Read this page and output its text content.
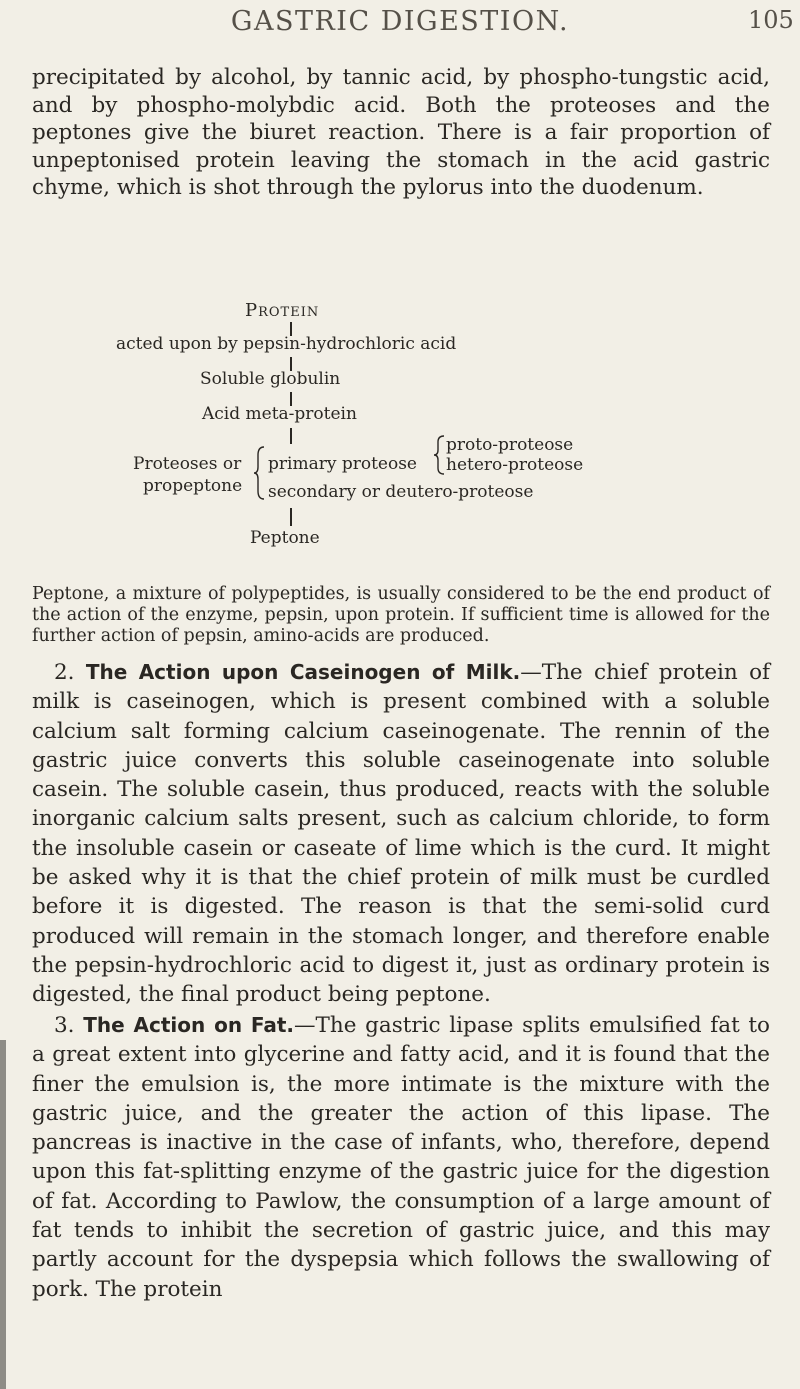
GASTRIC DIGESTION.	105
precipitated by alcohol, by tannic acid, by phospho-tungstic acid, and by phospho-molybdic acid. Both the proteoses and the peptones give the biuret reaction. There is a fair proportion of unpeptonised protein leaving the stomach in the acid gastric chyme, which is shot through the pylorus into the duodenum.
Protein
acted upon by pepsin-hydrochloric acid
Soluble globulin
Acid meta-protein
Proteoses or
propeptone
primary proteose
secondary or deutero-proteose
proto-proteose
hetero-proteose
Peptone
Peptone, a mixture of polypeptides, is usually considered to be the end product of the action of the enzyme, pepsin, upon protein. If sufficient time is allowed for the further action of pepsin, amino-acids are produced.
2. The Action upon Caseinogen of Milk.—The chief protein of milk is caseinogen, which is present combined with a soluble calcium salt forming calcium caseinogenate. The rennin of the gastric juice converts this soluble caseinogenate into soluble casein. The soluble casein, thus produced, reacts with the soluble inorganic calcium salts present, such as calcium chloride, to form the insoluble casein or caseate of lime which is the curd. It might be asked why it is that the chief protein of milk must be curdled before it is digested. The reason is that the semi-solid curd produced will remain in the stomach longer, and therefore enable the pepsin-hydrochloric acid to digest it, just as ordinary protein is digested, the final product being peptone.
3. The Action on Fat.—The gastric lipase splits emulsified fat to a great extent into glycerine and fatty acid, and it is found that the finer the emulsion is, the more intimate is the mixture with the gastric juice, and the greater the action of this lipase. The pancreas is inactive in the case of infants, who, therefore, depend upon this fat-splitting enzyme of the gastric juice for the digestion of fat. According to Pawlow, the consumption of a large amount of fat tends to inhibit the secretion of gastric juice, and this may partly account for the dyspepsia which follows the swallowing of pork. The protein
